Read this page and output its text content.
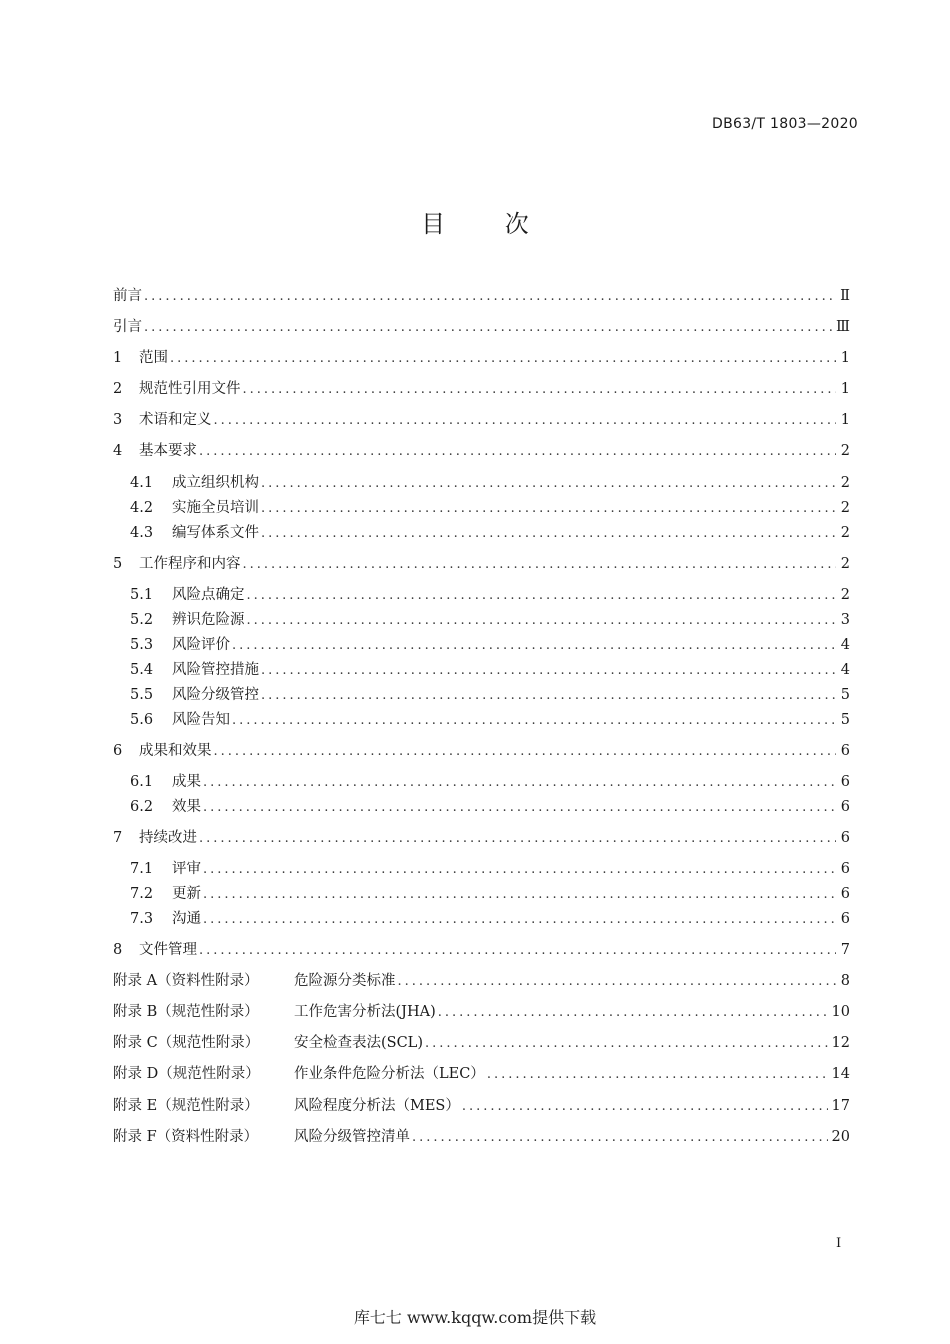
DB63/T 1803—2020
目 次
前言 .....	Ⅱ
引言 .....	Ⅲ
1	范围 .....	1
2	规范性引用文件 .....	1
3	术语和定义 .....	1
4	基本要求 .....	2
4.1	成立组织机构 .....	2
4.2	实施全员培训 .....	2
4.3	编写体系文件 .....	2
5	工作程序和内容 .....	2
5.1	风险点确定 .....	2
5.2	辨识危险源 .....	3
5.3	风险评价 .....	4
5.4	风险管控措施 .....	4
5.5	风险分级管控 .....	5
5.6	风险告知 .....	5
6	成果和效果 .....	6
6.1	成果 .....	6
6.2	效果 .....	6
7	持续改进 .....	6
7.1	评审 .....	6
7.2	更新 .....	6
7.3	沟通 .....	6
8	文件管理 .....	7
附录 A（资料性附录）	危险源分类标准 .....	8
附录 B（规范性附录）	工作危害分析法(JHA) .....	10
附录 C（规范性附录）	安全检查表法(SCL) .....	12
附录 D（规范性附录）	作业条件危险分析法（LEC） .....	14
附录 E（规范性附录）	风险程度分析法（MES） .....	17
附录 F（资料性附录）	风险分级管控清单 .....	20
I
库七七 www.kqqw.com提供下载
